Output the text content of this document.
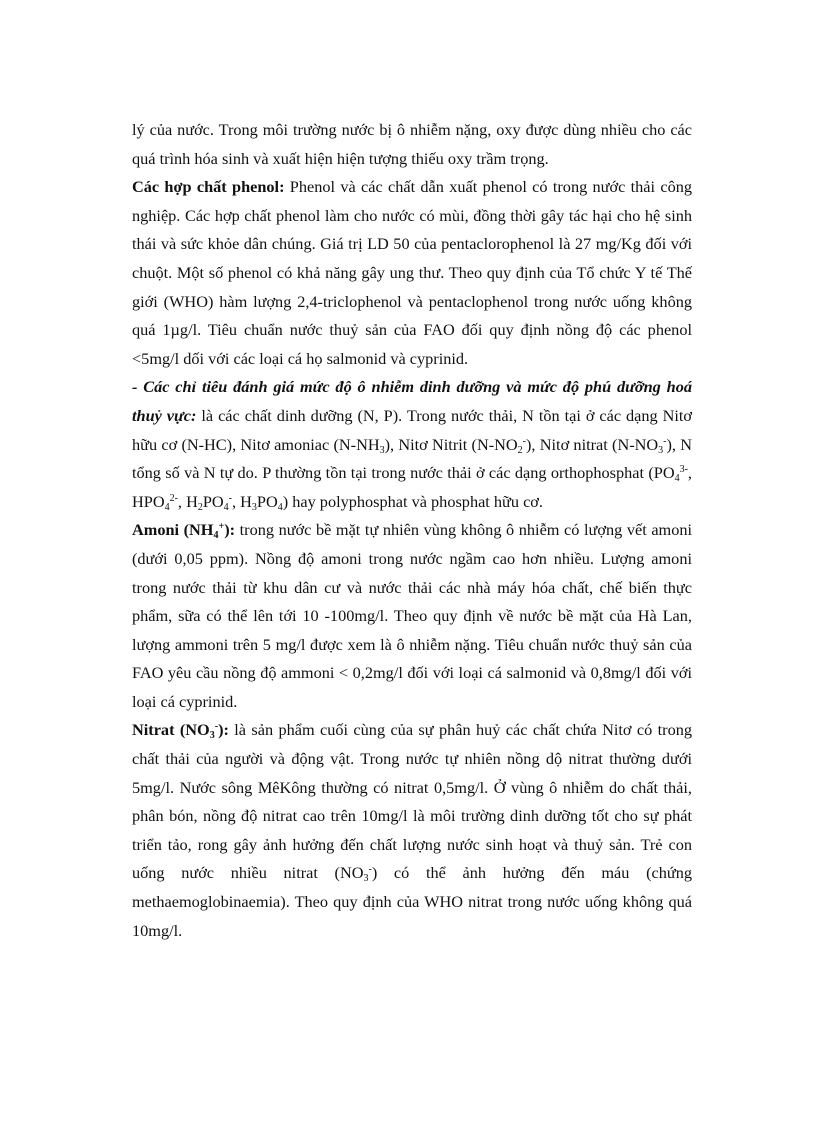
lý của nước. Trong môi trường nước bị ô nhiễm nặng, oxy được dùng nhiều cho các quá trình hóa sinh và xuất hiện hiện tượng thiếu oxy trầm trọng.

Các hợp chất phenol: Phenol và các chất dẫn xuất phenol có trong nước thải công nghiệp. Các hợp chất phenol làm cho nước có mùi, đồng thời gây tác hại cho hệ sinh thái và sức khỏe dân chúng. Giá trị LD 50 của pentaclorophenol là 27 mg/Kg đối với chuột. Một số phenol có khả năng gây ung thư. Theo quy định của Tổ chức Y tế Thế giới (WHO) hàm lượng 2,4-triclophenol và pentaclophenol trong nước uống không quá 1µg/l. Tiêu chuẩn nước thuỷ sản của FAO đối quy định nồng độ các phenol <5mg/l dối với các loại cá họ salmonid và cyprinid.

- Các chỉ tiêu đánh giá mức độ ô nhiễm dinh dưỡng và mức độ phú dưỡng hoá thuỷ vực: là các chất dinh dưỡng (N, P). Trong nước thải, N tồn tại ở các dạng Nitơ hữu cơ (N-HC), Nitơ amoniac $(N-NH_3)$, Nitơ Nitrit $(N-NO_2^-)$, Nitơ nitrat $(N-NO_3^-)$, N tổng số và N tự do. P thường tồn tại trong nước thải ở các dạng orthophosphat ($PO_4^{3-}$, $HPO_4^{2-}$, $H_2PO_4^-$, $H_3PO_4$) hay polyphosphat và phosphat hữu cơ.

Amoni $(NH_4^+)$: trong nước bề mặt tự nhiên vùng không ô nhiễm có lượng vết amoni (dưới 0,05 ppm). Nồng độ amoni trong nước ngầm cao hơn nhiều. Lượng amoni trong nước thải từ khu dân cư và nước thải các nhà máy hóa chất, chế biến thực phẩm, sữa có thể lên tới 10 -100mg/l. Theo quy định về nước bề mặt của Hà Lan, lượng ammoni trên 5 mg/l được xem là ô nhiễm nặng. Tiêu chuẩn nước thuỷ sản của FAO yêu cầu nồng độ ammoni < 0,2mg/l đối với loại cá salmonid và 0,8mg/l đối với loại cá cyprinid.

Nitrat $(NO_3^-)$: là sản phẩm cuối cùng của sự phân huỷ các chất chứa Nitơ có trong chất thải của người và động vật. Trong nước tự nhiên nồng dộ nitrat thường dưới 5mg/l. Nước sông MêKông thường có nitrat 0,5mg/l. Ở vùng ô nhiễm do chất thải, phân bón, nồng độ nitrat cao trên 10mg/l là môi trường dinh dưỡng tốt cho sự phát triển tảo, rong gây ảnh hưởng đến chất lượng nước sinh hoạt và thuỷ sản. Trẻ con uống nước nhiều nitrat $(NO_3^-)$ có thể ảnh hưởng đến máu (chứng methaemoglobinaemia). Theo quy định của WHO nitrat trong nước uống không quá 10mg/l.
